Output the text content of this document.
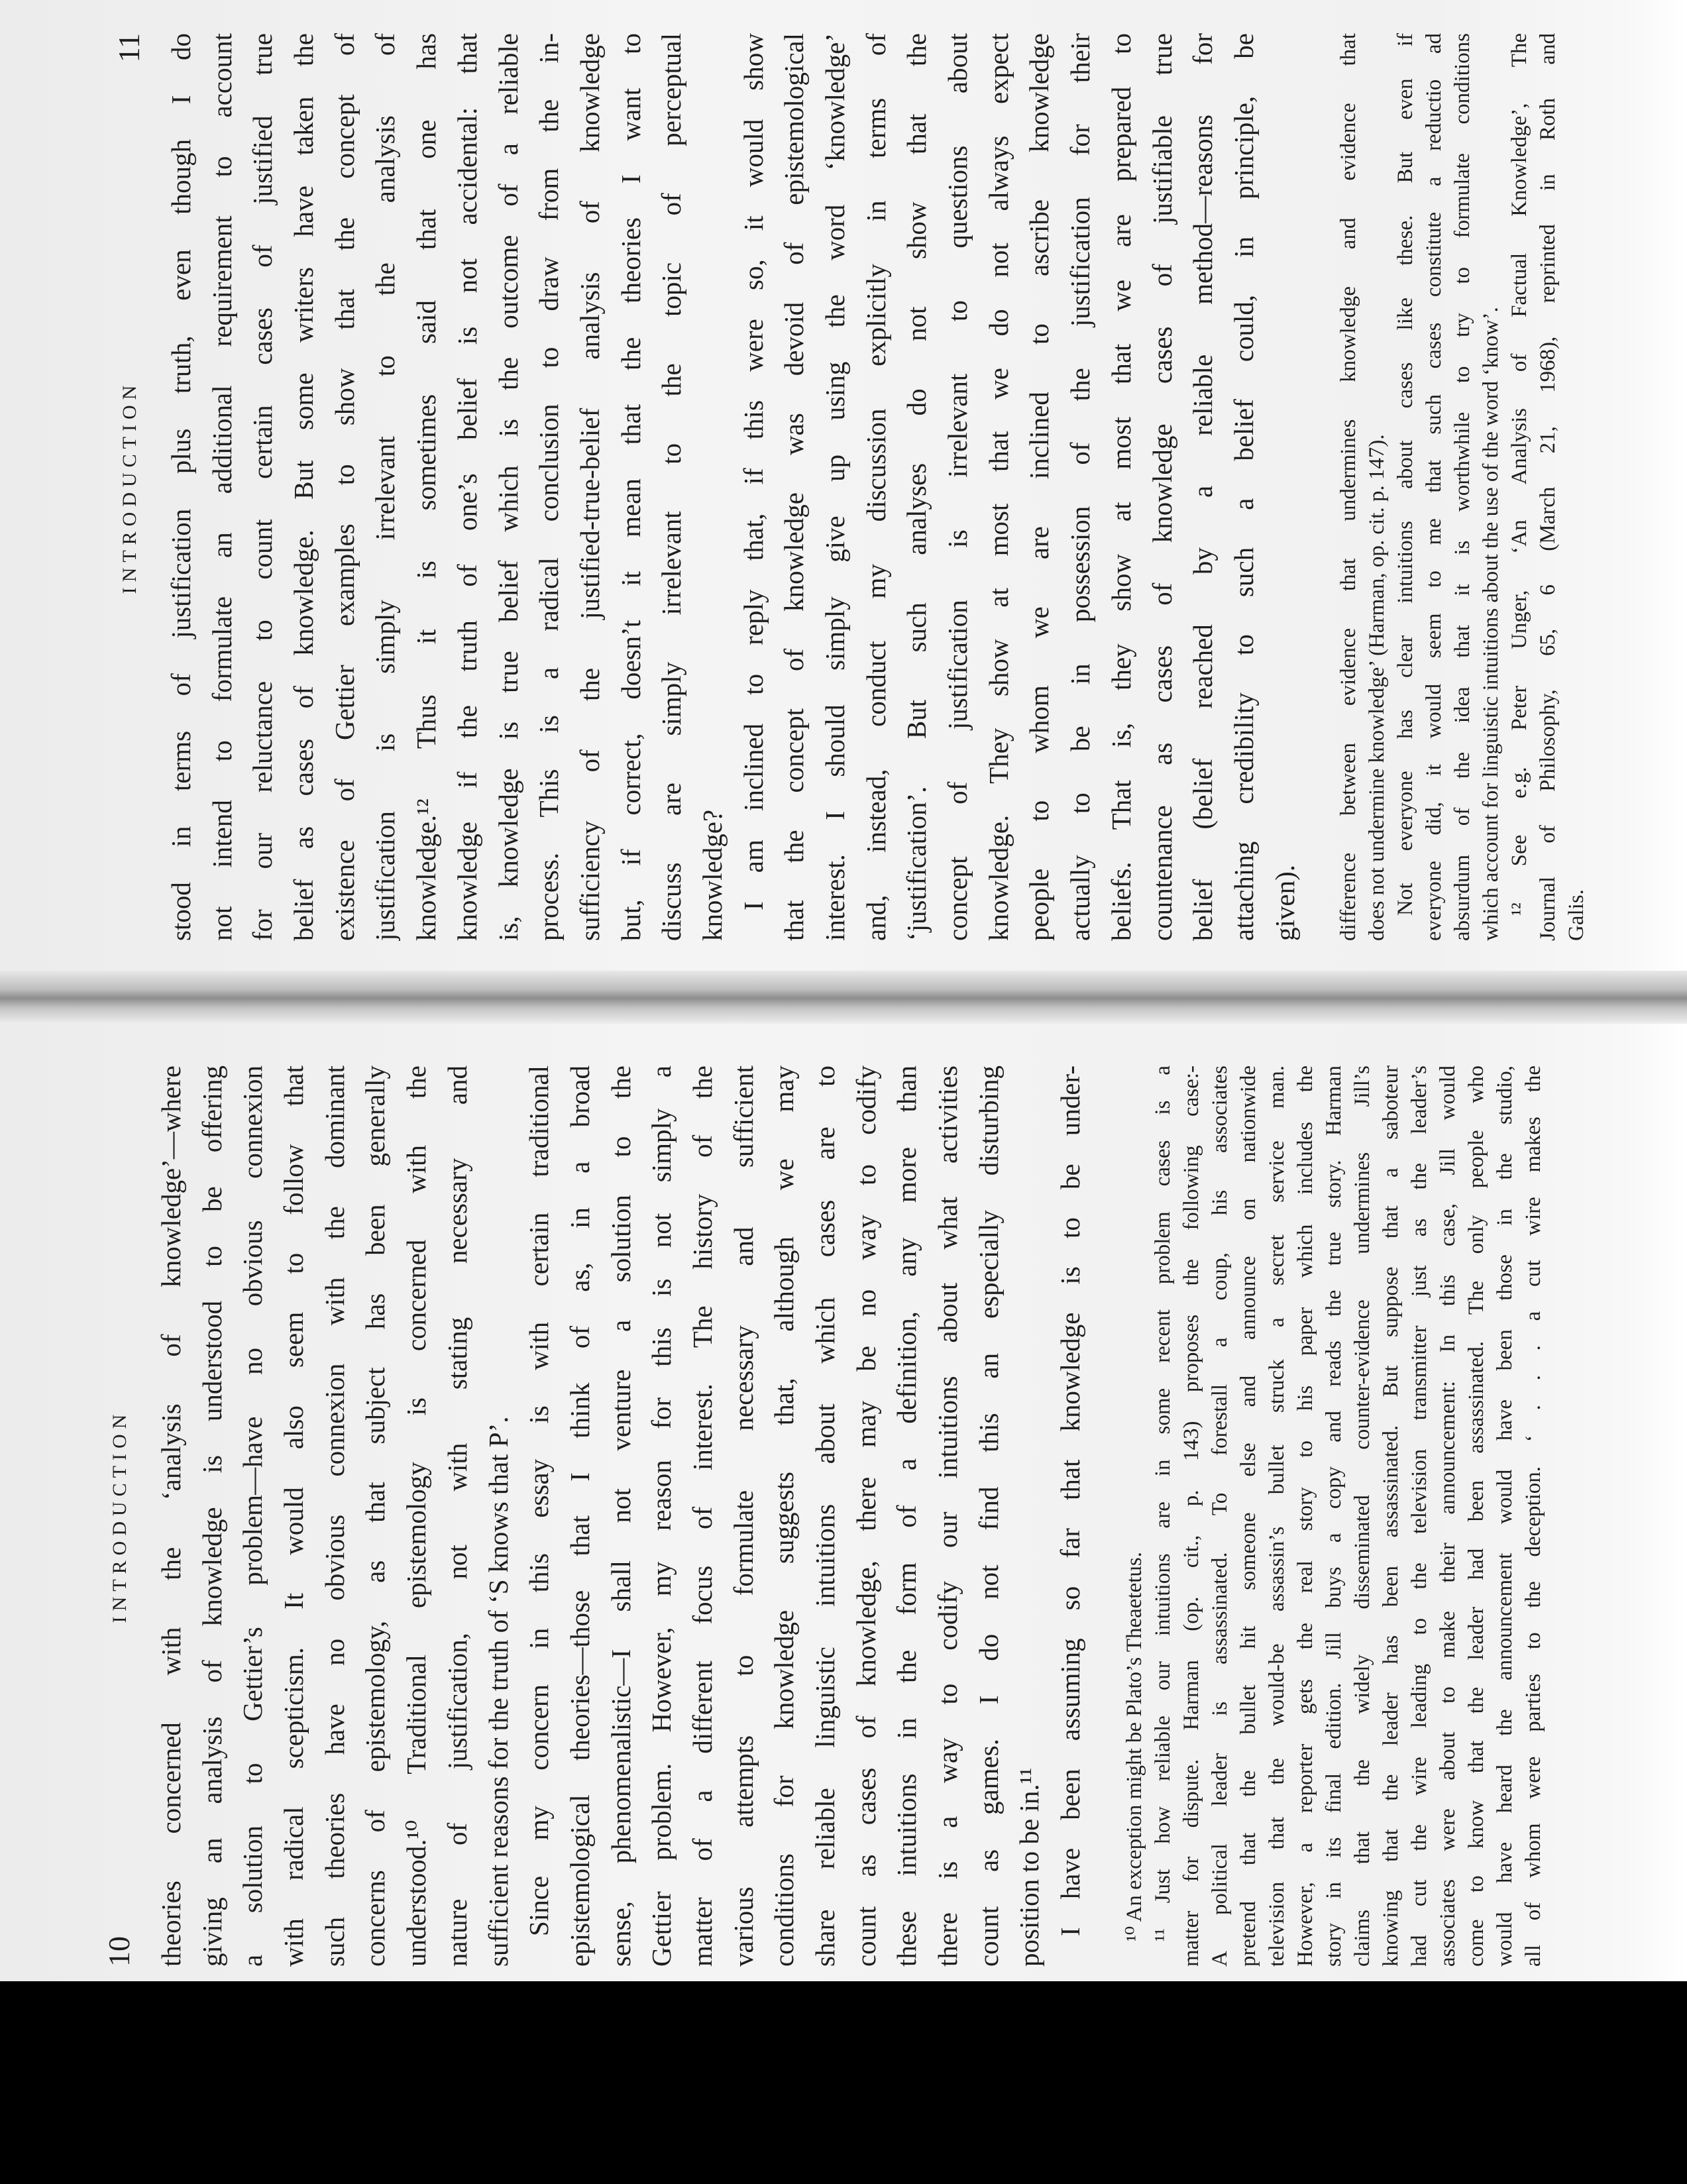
10
INTRODUCTION theories concerned with the ‘analysis of knowledge’—where giving an analysis of knowledge is understood to be offering a solution to Gettier’s problem—have no obvious connexion with radical scepticism. It would also seem to follow that such theories have no obvious connexion with the dominant concerns of epistemology, as that subject has been generally understood.¹⁰ Traditional epistemology is concerned with the nature of justification, not with stating necessary and sufficient reasons for the truth of ‘S knows that P’. Since my concern in this essay is with certain traditional epistemological theories—those that I think of as, in a broad sense, phenomenalistic—I shall not venture a solution to the Gettier problem. However, my reason for this is not simply a matter of a different focus of interest. The history of the various attempts to formulate necessary and sufficient conditions for knowledge suggests that, although we may share reliable linguistic intuitions about which cases are to count as cases of knowledge, there may be no way to codify these intuitions in the form of a definition, any more than there is a way to codify our intuitions about what activities count as games. I do not find this an especially disturbing position to be in.¹¹ I have been assuming so far that knowledge is to be under- ¹⁰ An exception might be Plato’s Theaetetus. ¹¹ Just how reliable our intuitions are in some recent problem cases is a matter for dispute. Harman (op. cit., p. 143) proposes the following case:- A political leader is assassinated. To forestall a coup, his associates pretend that the bullet hit someone else and announce on nationwide television that the would-be assassin’s bullet struck a secret service man. However, a reporter gets the real story to his paper which includes the story in its final edition. Jill buys a copy and reads the true story. Harman claims that the widely disseminated counter-evidence undermines Jill’s knowing that the leader has been assassinated. But suppose that a saboteur had cut the wire leading to the television transmitter just as the leader’s associates were about to make their announcement: In this case, Jill would come to know that the leader had been assassinated. The only people who would have heard the announcement would have been those in the studio, all of whom were parties to the deception. ‘ . . . a cut wire makes the
INTRODUCTION
11 stood in terms of justification plus truth, even though I do not intend to formulate an additional requirement to account for our reluctance to count certain cases of justified true belief as cases of knowledge. But some writers have taken the existence of Gettier examples to show that the concept of justification is simply irrelevant to the analysis of knowledge.¹² Thus it is sometimes said that one has knowledge if the truth of one’s belief is not accidental: that is, knowledge is true belief which is the outcome of a reliable process. This is a radical conclusion to draw from the in- sufficiency of the justified-true-belief analysis of knowledge but, if correct, doesn’t it mean that the theories I want to discuss are simply irrelevant to the topic of perceptual knowledge? I am inclined to reply that, if this were so, it would show that the concept of knowledge was devoid of epistemological interest. I should simply give up using the word ‘knowledge’ and, instead, conduct my discussion explicitly in terms of ‘justification’. But such analyses do not show that the concept of justification is irrelevant to questions about knowledge. They show at most that we do not always expect people to whom we are inclined to ascribe knowledge actually to be in possession of the justification for their beliefs. That is, they show at most that we are prepared to countenance as cases of knowledge cases of justifiable true belief (belief reached by a reliable method—reasons for attaching credibility to such a belief could, in principle, be given). difference between evidence that undermines knowledge and evidence that does not undermine knowledge’ (Harman, op. cit. p. 147). Not everyone has clear intuitions about cases like these. But even if everyone did, it would seem to me that such cases constitute a reductio ad absurdum of the idea that it is worthwhile to try to formulate conditions which account for linguistic intuitions about the use of the word ‘know’. ¹² See e.g. Peter Unger, ‘An Analysis of Factual Knowledge’, The Journal of Philosophy, 65, 6 (March 21, 1968), reprinted in Roth and Galis.
